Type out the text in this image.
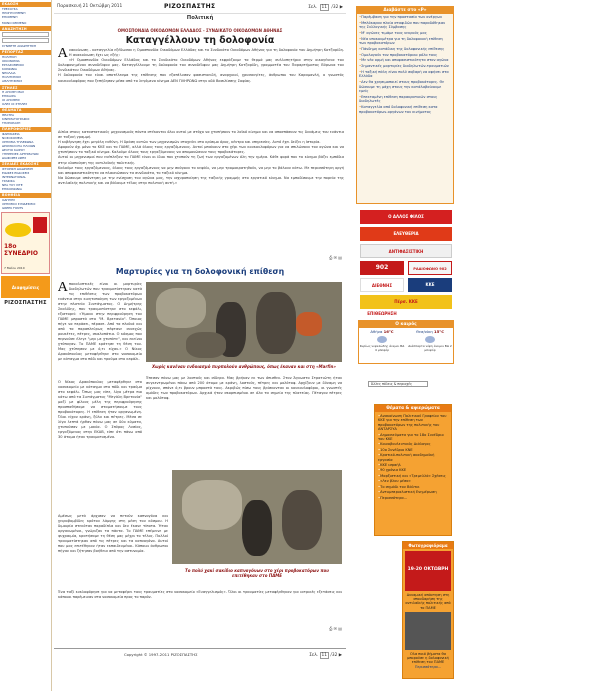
ΕΚΔΟΣΗ
ΤΡΕΧΟΥΣΑ
ΠΡΟΗΓΟΥΜΕΝΗ
ΕΠΟΜΕΝΗ
ΜΟΝΟ ΚΕΙΜΕΝΟ
ΑΝΑΖΗΤΗΣΗ
ΣΥΝΘΕΤΗ ΑΝΑΖΗΤΗΣΗ
ΡΕΠΟΡΤΑΖ
ΠΟΛΙΤΙΚΗ
ΟΙΚΟΝΟΜΙΑ
ΕΡΓΑΖΟΜΕΝΟΙ
ΚΟΙΝΩΝΙΑ
ΝΕΟΛΑΙΑ
ΠΟΛΙΤΙΣΜΟΣ
ΑΘΛΗΤΙΣΜΟΣ
ΣΤΗΛΕΣ
Η ΑΠΟΨΗ ΜΑΣ
ΕΠΙΚΑΙΡΑ
ΟΙ ΑΠΟΨΕΙΣ
ΟΛΕΣ ΟΙ ΣΤΗΛΕΣ
ΘΕΑΜΑΤΑ
ΘΕΑΤΡΑ
ΚΙΝΗΜΑΤΟΓΡΑΦΟΙ
ΤΗΛΕΟΡΑΣΗ
ΠΛΗΡΟΦΟΡΙΕΣ
ΦΑΡΜΑΚΕΙΑ
ΝΟΣΟΚΟΜΕΙΑ
ΧΡΗΣΙΜΑ ΤΗΛΕΦΩΝΑ
ΔΡΟΜΟΛΟΓΙΑ ΠΛΟΙΩΝ
ΔΕΛΤΙΟ ΚΑΙΡΟΥ
ΥΠΗΡΕΣΙΕΣ ΑΡΤΗΜΑΤΩΝ
ΔΙΑΦΟΡΕΣ ΩΡΕΣ
ΣΕΛΙΔΕΣ ΕΚΔΟΣΗΣ
ΙΣΤΟΡΙΚΗ ΔΙΑΔΡΟΜΗ
ΕΙΔΙΚΕΣ ΕΚΔΟΣΕΙΣ
INTERNATIONAL
ΓΡΑΦΙΚΑ
ΝΕΑ ΤΟΥ ΣΙΤΕ
ΕΠΙΚΟΙΝΩΝΙΑ
ΒΟΗΘΕΙΑ
ΟΔΗΓΙΕΣ
ΧΡΗΣΙΜΟΙ ΣΥΝΔΕΣΜΟΙ
GREEK FONTS
18ο ΣΥΝΕΔΡΙΟ
7 Μαΐου 2010
Διαφημίσεις
ΡΙΖΟΣΠΑΣΤΗΣ
Παρασκευή 21 Οκτώβρη 2011	ΡΙΖΟΣΠΑΣΤΗΣ	Σελ. 11 /32 ▶
Πολιτική
ΟΜΟΣΠΟΝΔΙΑ ΟΙΚΟΔΟΜΩΝ ΕΛΛΑΔΟΣ - ΣΥΝΔΙΚΑΤΟ ΟΙΚΟΔΟΜΩΝ ΑΘΗΝΑΣ
Καταγγέλλουν τη δολοφονία
Α νακοίνωση - καταγγελία εξέδωσαν η Ομοσπονδία Οικοδόμων Ελλάδας και το Συνδικάτο Οικοδόμων Αθήνας για τη δολοφονία του Δημήτρη Κοτζαρίδη. Η ανακοίνωση έχει ως εξής:

«Η Ομοσπονδία Οικοδόμων Ελλάδας και το Συνδικάτο Οικοδόμων Αθήνας εκφράζουμε τα θερμά μας συλλυπητήρια στην οικογένεια του δολοφονημένου συναδέλφου μας. Καταγγέλλουμε τη δολοφονία του συναδέλφου μας Δημήτρη Κοτζαρίδη, γραμματέα του Παραρτήματος Βύρωνα του Συνδικάτου Οικοδόμων Αθήνας.

Η δολοφονία του είναι αποτέλεσμα της επίθεσης που εξαπέλυσαν φασιστοειδή, αναρχικοί, χρυσαυγίτες, άνθρωποι του Καραμανλή, ο γνωστός κουκουλοφόρος που ξεπήδησαν μέσα από το λεγόμενο κίνημα ΔΕΝ ΠΛΗΡΩΝΩ στην οδό Βασιλίσσης Σοφίας.

Δίπλα στους καταστατικούς μηχανισμούς πάντα στέκονται όλοι αυτοί με στόχο να χτυπήσουν το λαϊκό κίνημα και να αποσπάσουν τις δυνάμεις του ενάντια σε ταξική γραμμή.

Η κυβέρνηση έχει μεγάλη ευθύνη. Η δράση αυτών των μηχανισμών στοχεύει στο κρίσιμο όρος, κέντρο και υπηρεσίες. Αυτό έχει δείξει η Ιστορία.

Αφορούν όχι μόνο το ΚΚΕ και το ΠΑΜΕ, αλλά όλους τους εργαζόμενους. Αυτοί μπαίνουν στο χέρι των κουκουλοφόρων για να σπιλώσουν τον αγώνα και να χτυπήσουν το ταξικό κίνημα. Καλούμε όλους τους εργαζόμενους να απομονώσουν τους προβοκάτορες.

Αυτοί οι μηχανισμοί που ενέπλεξαν το ΠΑΜΕ είναι οι ίδιοι που χτυπούν τη ζωή των εργαζομένων όλη την ημέρα. Κάθε φορά που το κίνημα βάζει εμπόδια στην υλοποίηση της αντιλαϊκής πολιτικής.

Καλούμε τους εργαζόμενους, όλους τους εργαζόμενους να μην σκύψουν το κεφάλι, να μην τρομοκρατηθούν, να μην το βάλουν κάτω. Με περισσότερη οργή και αποφασιστικότητα να πλαισιώσουν τα συνδικάτα, το ταξικό κίνημα.

Να δώσουμε απάντηση με την ενίσχυση του αγώνα μας, την ισχυροποίηση της ταξικής γραμμής στο εργατικό κίνημα. Να εμποδίσουμε την πορεία της αντιλαϊκής πολιτικής και να βάλουμε τέλος στην πολιτική αυτή.»

⎙ ✉ ▤
Μαρτυρίες για τη δολοφονική επίθεση
Α ποκαλυπτικές είναι οι μαρτυρίες διαδηλωτών που τραυματίστηκαν κατά τις επιθέσεις των προβοκατόρων ενάντια στην κινητοποίηση των εργαζομένων στην πλατεία Συντάγματος. Ο Δημήτρης Σκαλίδης, που τραυματίστηκε στο κεφάλι, εξιστορεί: «Ήμουν στην περιφρούρηση του ΠΑΜΕ μπροστά στο "Μ. Βρετανία". Όποιος πήγε να περάσει, πέρασε. Από τα πλαϊνά και από τα παραπλεύρως πέφτανε συνεχώς ρουκέτες, πέτρες, σκαλοπάτια. Ο κόσμος που περνούσε έλεγε "μην με χτυπάτε", και εκείνοι χτύπαγαν. Το ΠΑΜΕ κράτησε τη θέση του. Μας χτύπησαν με ό,τι είχαν.» Ο Νίκος Δρακόπουλος μεταφέρθηκε στο νοσοκομείο με κάταγμα στο πόδι και τραύμα στο κεφάλι.
Χωρίς κανέναν ενδοιασμό πυρπολούν ανθρώπους, όπως έκαναν και στη «Marfin»
Ο Νίκος Δρακόπουλος μεταφέρθηκε στο νοσοκομείο με κάταγμα στο πόδι και τραύμα στο κεφάλι. Όπως μας είπε, λίγο μέτρα πιο κάτω από τα Σιντάγματος "Μεγάλη Βρετανία" μαζί με φίλους μέλη της περιφρούρησης προσπαθήσαμε να σταματήσουμε τους προβοκάτορες. Η επίθεση ήταν οργανωμένη. Όλοι είχαν κράνη, ξύλα και πέτρες. Μέσα σε λίγα λεπτά ήρθαν πάνω μας σε δύο κύματα, χτυπούσαν με μανία. Ο Σπύρος Λυσίας, εργαζόμενος στην ΕΚΑΒ, είπε ότι πάνω από 30 άτομα ήταν τραυματισμένα.
Έπεσαν πάνω μας με λοστούς και σίδερα. Μας βρήκαν εκ των όπισθεν. Στον Άγνωστο Στρατιώτη ήταν συγκεντρωμένοι πάνω από 200 άτομα με κράνη, λοστούς, πέτρες και μολότοφ. Αρχίζουν με δύναμη να ρίχνουν, σπάνε ό,τι βρουν μπροστά τους. Ακριβώς πίσω τους βρίσκονταν οι κουκουλοφόροι, οι γνωστές ομάδες των προβοκατόρων. Αρχικά ήταν σκορπισμένοι σε όλα τα σημεία της πλατείας. Πέταγαν πέτρες και μολότοφ.
Το πολύ χακί σακίδιο καπνογόνων στο χέρι προβοκατόρων που επιτέθηκαν στο ΠΑΜΕ
Αμέσως μετά άρχισαν να πετούν καπνογόνα και χειροβομβίδες κρότου λάμψης στη μέση του κόσμου. Η διμοιρία στεκόταν παραδίπλα και δεν έκανε τίποτα. Ήταν οργανωμένοι, γνώριζαν τα πάντα. Το ΠΑΜΕ επέμεινε με ψυχραιμία, κρατήσαμε τη θέση μας μέχρι το τέλος. Πολλοί τραυματίστηκαν από τις πέτρες και τα καπνογόνα. Αυτοί που μας επιτέθηκαν ήταν εκπαιδευμένοι. Κάποιοι άνθρωποι πήγαν και ζήτησαν βοήθεια από την αστυνομία.
Ένα ταξί κυκλοφόρησε για να μεταφέρει τους τραυματίες στο νοσοκομείο «Ευαγγελισμός». Όλοι οι τραυματίες μεταφέρθηκαν για ιατρικές εξετάσεις και κάποιοι παρέμειναν στα νοσοκομεία προς το παρόν.
⎙ ✉ ▤
Copyright © 1997-2011 ΡΙΖΟΣΠΑΣΤΗΣ	Σελ. 11 /32 ▶
Διαβάστε στο «Ρ»
• Παρέμβαση για την προστασία των ανέργων
• Μπλόκαραν πλοία σταφιδών που παραδόθηκαν της Συλλογικής Σύμβασης
• Μ' αγώνες τιμάμε τους νεκρούς μας
• Νέα υποκουμέτρα για τη δολοφονική επίθεση των προβοκατόρων
• Πάνδημη κατάδικη της δολοφονικής επίθεσης
• Ομολογούν τον προβοκατόρικο ρόλο τους
• Με νέα ορμή και αποφασιστικότητα στον αγώνα
• Σημαντικές μαρτυρίες διαδηλωτών-τραυματιών
• Η ταξική πάλη είναι πολύ σοβαρή να αφήσει στα Ελλάδα
• Δεν θα χρησιμοποιεί στους προβοκάτορες. Θε δώσουμε τη μάχη στους την κατάλαβαίνουμε εμείς
• Επεκταμένη επίθεση παρακρατικών στους διαδηλωτές
• Καταγγελία από δολοφονική επίθεση κατα προβοκατόρων-οργάνων του κινήματος
Ο ΑΛΛΟΣ ΦΙΛΟΣ
ΕΛΕΥΘΕΡΙΑ
ΑΝΤΙΦΑΣΙΣΤΙΚΗ
902	ΡΑΔΙΟΦΩΝΟ 902
ΔΙΕΘΝΗΣ ΕΠΙΘΕΩΡΗΣΗ
ΚΚΕ
Πέρσ. ΚΚΕ
Ο καιρός
Αθήνα 16°C
Κυρίως νεφελώδης άνεμοι ΒΔ 4 μποφόρ
Θεσ/νίκη 15°C
Διάσπαρτα νέφη άνεμοι ΒΔ 2 μποφόρ
Άλλες πόλεις & περιοχές
Θέματα & αφιερώματα
• Ανακοίνωση Πολιτικού Γραφείου του ΚΚΕ για την επίθεση των προβοκατόρων της πολιτικής του ΑΝΤΑΡΣΥΑ
• Δημοσιεύματα για το 18ο Συνέδριο του ΚΚΕ
• Κοινοβουλευτικός Διάλογος
• 10ο Συνέδριο ΚΝΕ
• Κρατικό-πολιτική ακαδημαϊκή εργασία
• ΚΚΕ ισραήλ
• 90 χρόνια ΚΚΕ
• Μαρξιστική και «Τρεμελλά» Σχέσεις
• «Λεν βλου μέσα»
• Το σημάδι του Βάλτικ
• Αντιιμπεριαλιστική Ενημέρωση
• Περισσότερα...
Φωτογραφιόραμα
19-20 ΟΚΤΩΒΡΗ
Δυναμική απάντηση στη σπουδαρήση της αντιλαϊκής πολιτικής από το ΠΑΜΕ
Ολα ποιό βήματα θα μπορούσε η δολοφονική επίθεση του ΠΑΜΕ
Περισσότερα...
